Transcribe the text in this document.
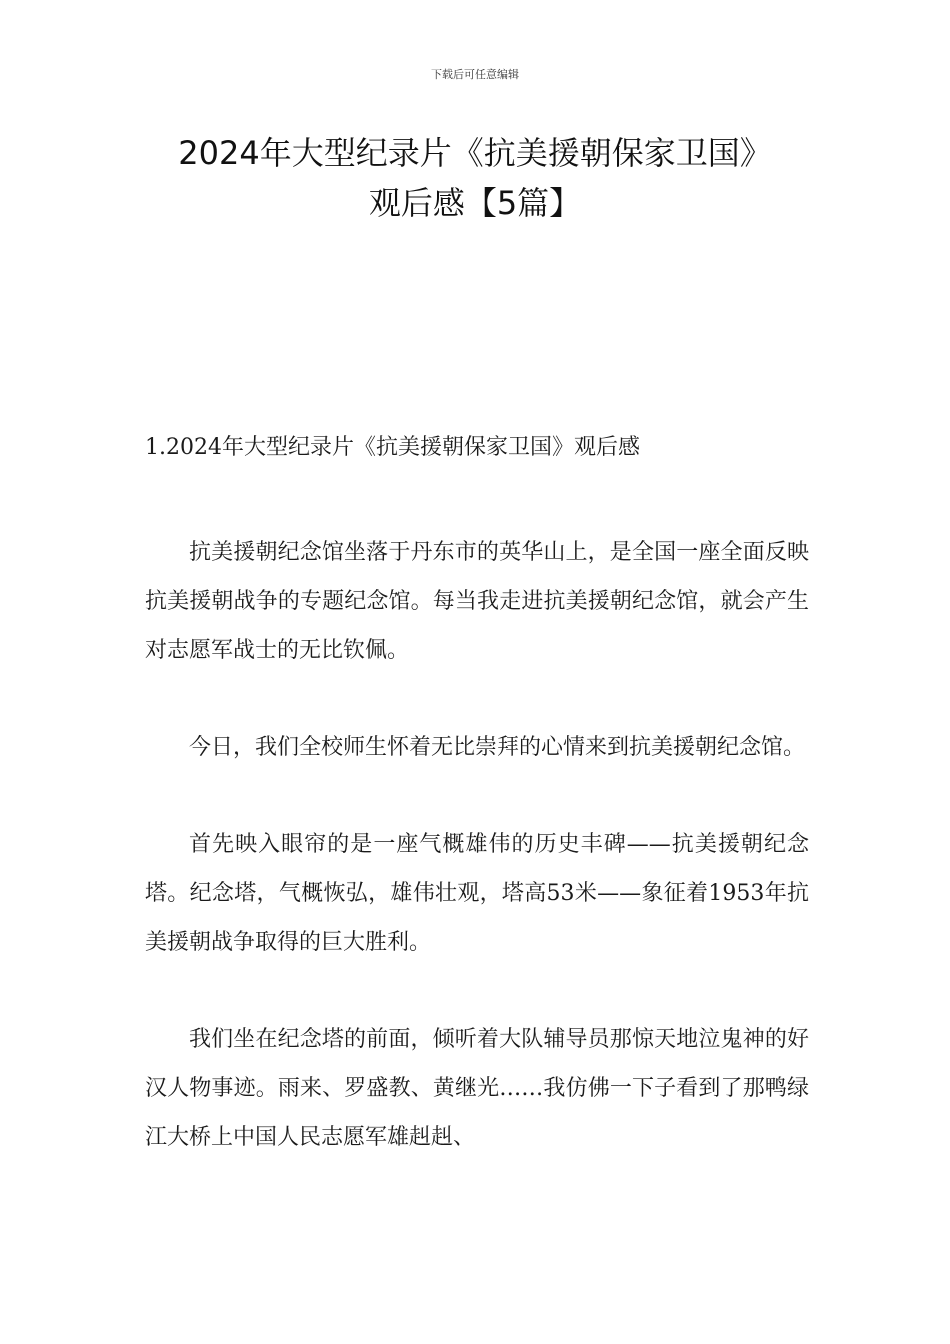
下载后可任意编辑
2024年大型纪录片《抗美援朝保家卫国》
观后感【5篇】
1.2024年大型纪录片《抗美援朝保家卫国》观后感

抗美援朝纪念馆坐落于丹东市的英华山上，是全国一座全面反映抗美援朝战争的专题纪念馆。每当我走进抗美援朝纪念馆，就会产生对志愿军战士的无比钦佩。

今日，我们全校师生怀着无比崇拜的心情来到抗美援朝纪念馆。

首先映入眼帘的是一座气概雄伟的历史丰碑——抗美援朝纪念塔。纪念塔，气概恢弘，雄伟壮观，塔高53米——象征着1953年抗美援朝战争取得的巨大胜利。

我们坐在纪念塔的前面，倾听着大队辅导员那惊天地泣鬼神的好汉人物事迹。雨来、罗盛教、黄继光……我仿佛一下子看到了那鸭绿江大桥上中国人民志愿军雄赳赳、
